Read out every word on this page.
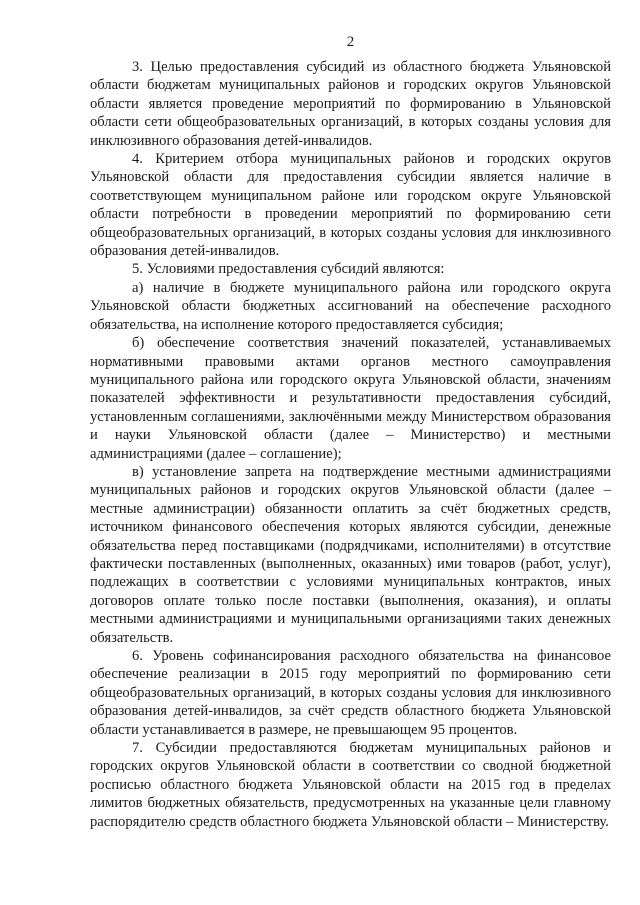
2

3. Целью предоставления субсидий из областного бюджета Ульяновской области бюджетам муниципальных районов и городских округов Ульяновской области является проведение мероприятий по формированию в Ульяновской области сети общеобразовательных организаций, в которых созданы условия для инклюзивного образования детей-инвалидов.

4. Критерием отбора муниципальных районов и городских округов Ульяновской области для предоставления субсидии является наличие в соответствующем муниципальном районе или городском округе Ульяновской области потребности в проведении мероприятий по формированию сети общеобразовательных организаций, в которых созданы условия для инклюзивного образования детей-инвалидов.

5. Условиями предоставления субсидий являются:

а) наличие в бюджете муниципального района или городского округа Ульяновской области бюджетных ассигнований на обеспечение расходного обязательства, на исполнение которого предоставляется субсидия;

б) обеспечение соответствия значений показателей, устанавливаемых нормативными правовыми актами органов местного самоуправления муниципального района или городского округа Ульяновской области, значениям показателей эффективности и результативности предоставления субсидий, установленным соглашениями, заключёнными между Министерством образования и науки Ульяновской области (далее – Министерство) и местными администрациями (далее – соглашение);

в) установление запрета на подтверждение местными администрациями муниципальных районов и городских округов Ульяновской области (далее – местные администрации) обязанности оплатить за счёт бюджетных средств, источником финансового обеспечения которых являются субсидии, денежные обязательства перед поставщиками (подрядчиками, исполнителями) в отсутствие фактически поставленных (выполненных, оказанных) ими товаров (работ, услуг), подлежащих в соответствии с условиями муниципальных контрактов, иных договоров оплате только после поставки (выполнения, оказания), и оплаты местными администрациями и муниципальными организациями таких денежных обязательств.

6. Уровень софинансирования расходного обязательства на финансовое обеспечение реализации в 2015 году мероприятий по формированию сети общеобразовательных организаций, в которых созданы условия для инклюзивного образования детей-инвалидов, за счёт средств областного бюджета Ульяновской области устанавливается в размере, не превышающем 95 процентов.

7. Субсидии предоставляются бюджетам муниципальных районов и городских округов Ульяновской области в соответствии со сводной бюджетной росписью областного бюджета Ульяновской области на 2015 год в пределах лимитов бюджетных обязательств, предусмотренных на указанные цели главному распорядителю средств областного бюджета Ульяновской области – Министерству.
